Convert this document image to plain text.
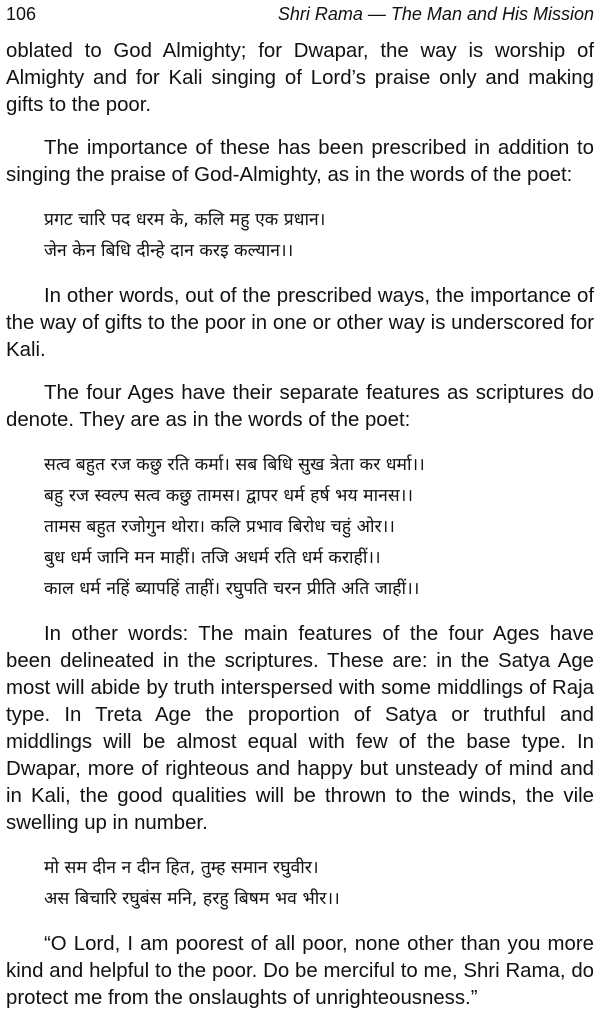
106	Shri Rama — The Man and His Mission

oblated to God Almighty; for Dwapar, the way is worship of Almighty and for Kali singing of Lord’s praise only and making gifts to the poor.

The importance of these has been prescribed in addition to singing the praise of God-Almighty, as in the words of the poet:

प्रगट चारि पद धरम के, कलि महु एक प्रधान।
जेन केन बिधि दीन्हे दान करइ कल्यान।।

In other words, out of the prescribed ways, the importance of the way of gifts to the poor in one or other way is underscored for Kali.

The four Ages have their separate features as scriptures do denote. They are as in the words of the poet:

सत्व बहुत रज कछु रति कर्मा। सब बिधि सुख त्रेता कर धर्मा।।
बहु रज स्वल्प सत्व कछु तामस। द्वापर धर्म हर्ष भय मानस।।
तामस बहुत रजोगुन थोरा। कलि प्रभाव बिरोध चहुं ओर।।
बुध धर्म जानि मन माहीं। तजि अधर्म रति धर्म कराहीं।।
काल धर्म नहिं ब्यापहिं ताहीं। रघुपति चरन प्रीति अति जाहीं।।

In other words: The main features of the four Ages have been delineated in the scriptures. These are: in the Satya Age most will abide by truth interspersed with some middlings of Raja type. In Treta Age the proportion of Satya or truthful and middlings will be almost equal with few of the base type. In Dwapar, more of righteous and happy but unsteady of mind and in Kali, the good qualities will be thrown to the winds, the vile swelling up in number.

मो सम दीन न दीन हित, तुम्ह समान रघुवीर।
अस बिचारि रघुबंस मनि, हरहु बिषम भव भीर।।

“O Lord, I am poorest of all poor, none other than you more kind and helpful to the poor. Do be merciful to me, Shri Rama, do protect me from the onslaughts of unrighteousness.”
